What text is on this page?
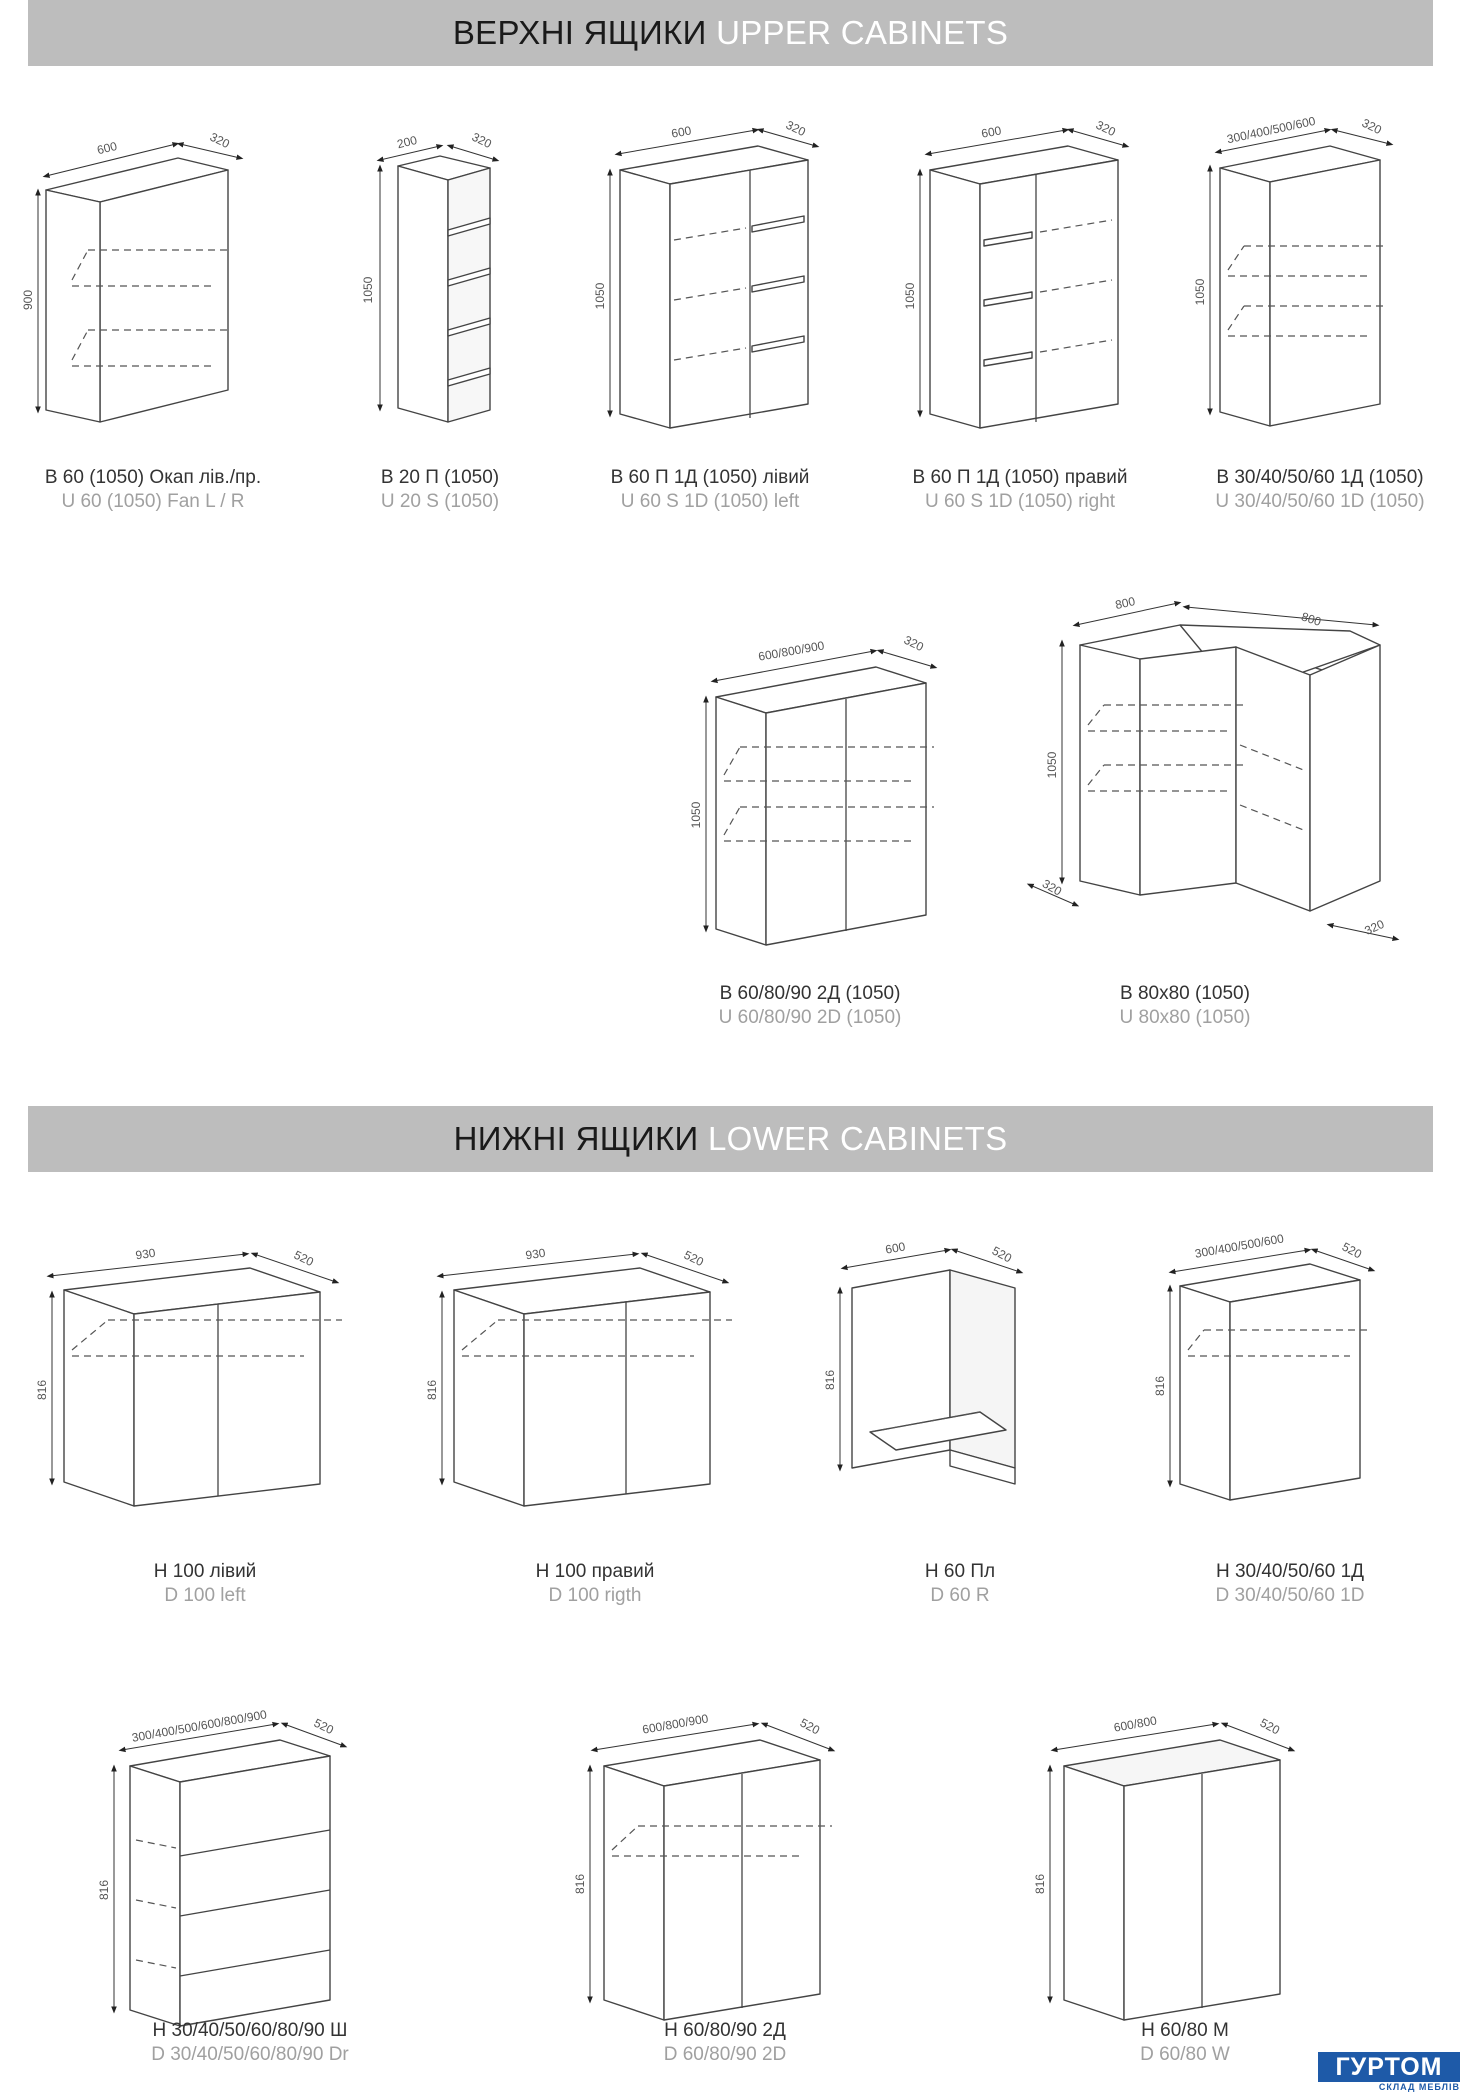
ВЕРХНІ ЯЩИКИ UPPER CABINETS
НИЖНІ ЯЩИКИ LOWER CABINETS
600	320
900
В 60 (1050) Окап лів./пр.
U 60 (1050) Fan L / R
200	320
1050
В 20 П (1050)
U 20 S (1050)
600	320
1050
В 60 П 1Д (1050) лівий
U 60 S 1D (1050) left
600	320
1050
В 60 П 1Д (1050) правий
U 60 S 1D (1050) right
300/400/500/600	320
1050
В 30/40/50/60 1Д (1050)
U 30/40/50/60 1D (1050)
600/800/900	320
1050
В 60/80/90 2Д (1050)
U 60/80/90 2D (1050)
800
320
1050
800
320
В 80x80 (1050)
U 80x80 (1050)
930	520
816
Н 100 лівий
D 100 left
930	520
816
Н 100 правий
D 100 rigth
600	520
816
Н 60 Пл
D 60 R
300/400/500/600	520
816
Н 30/40/50/60 1Д
D 30/40/50/60 1D
300/400/500/600/800/900	520
816
Н 30/40/50/60/80/90 Ш
D 30/40/50/60/80/90 Dr
600/800/900	520
816
Н 60/80/90 2Д
D 60/80/90 2D
600/800	520
816
Н 60/80 М
D 60/80 W	ГУРТОМ
СКЛАД МЕБЛІВ
